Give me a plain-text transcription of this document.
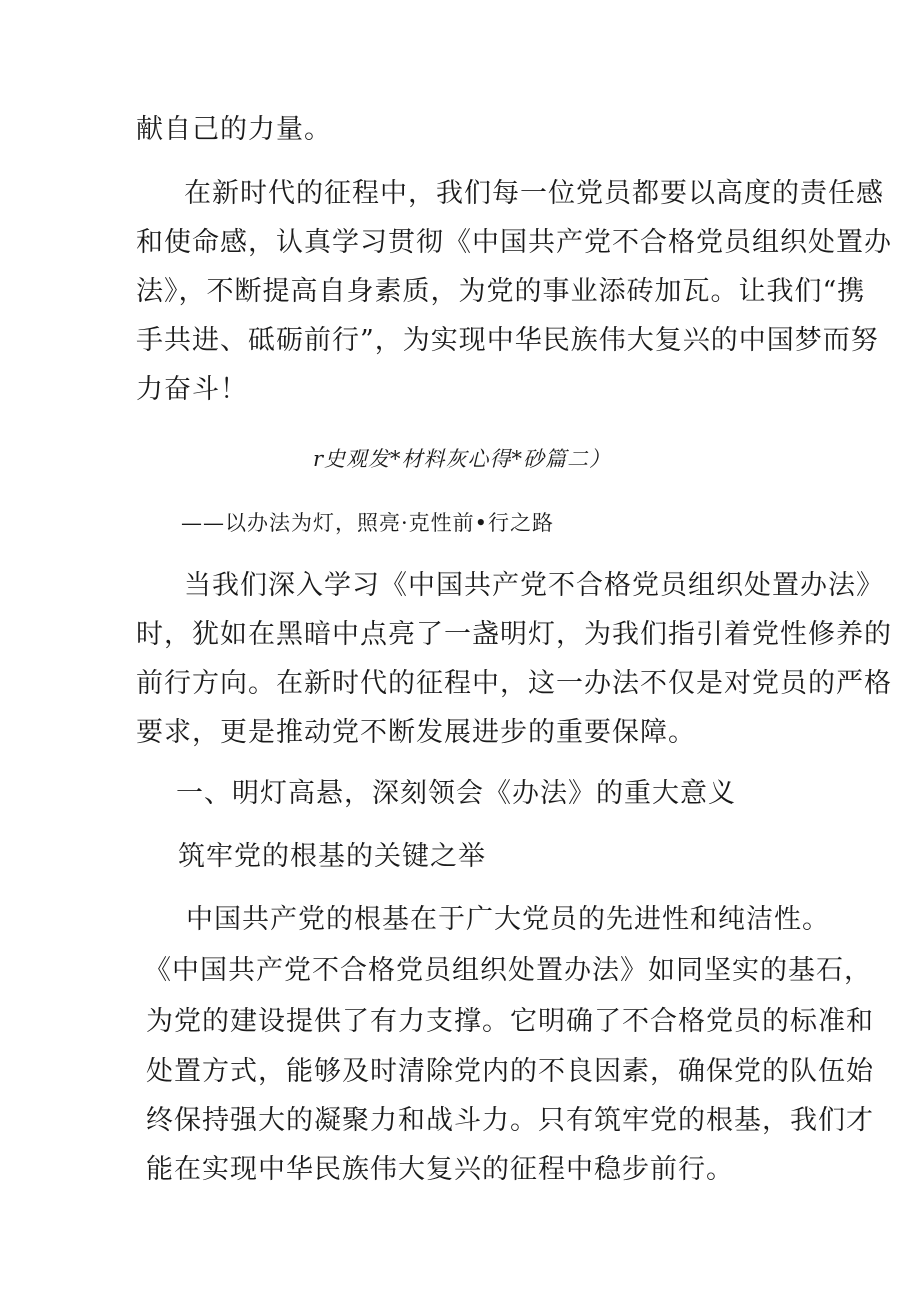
献自己的力量。
在新时代的征程中，我们每一位党员都要以高度的责任感
和使命感，认真学习贯彻《中国共产党不合格党员组织处置办
法》，不断提高自身素质，为党的事业添砖加瓦。让我们“携
手共进、砥砺前行”，为实现中华民族伟大复兴的中国梦而努
力奋斗！
r史观发*材料灰心得*砂篇二）
——以办法为灯，照亮·克性前•行之路
当我们深入学习《中国共产党不合格党员组织处置办法》
时，犹如在黑暗中点亮了一盏明灯，为我们指引着党性修养的
前行方向。在新时代的征程中，这一办法不仅是对党员的严格
要求，更是推动党不断发展进步的重要保障。
一、明灯高悬，深刻领会《办法》的重大意义
筑牢党的根基的关键之举
中国共产党的根基在于广大党员的先进性和纯洁性。
《中国共产党不合格党员组织处置办法》如同坚实的基石，
为党的建设提供了有力支撑。它明确了不合格党员的标准和
处置方式，能够及时清除党内的不良因素，确保党的队伍始
终保持强大的凝聚力和战斗力。只有筑牢党的根基，我们才
能在实现中华民族伟大复兴的征程中稳步前行。
